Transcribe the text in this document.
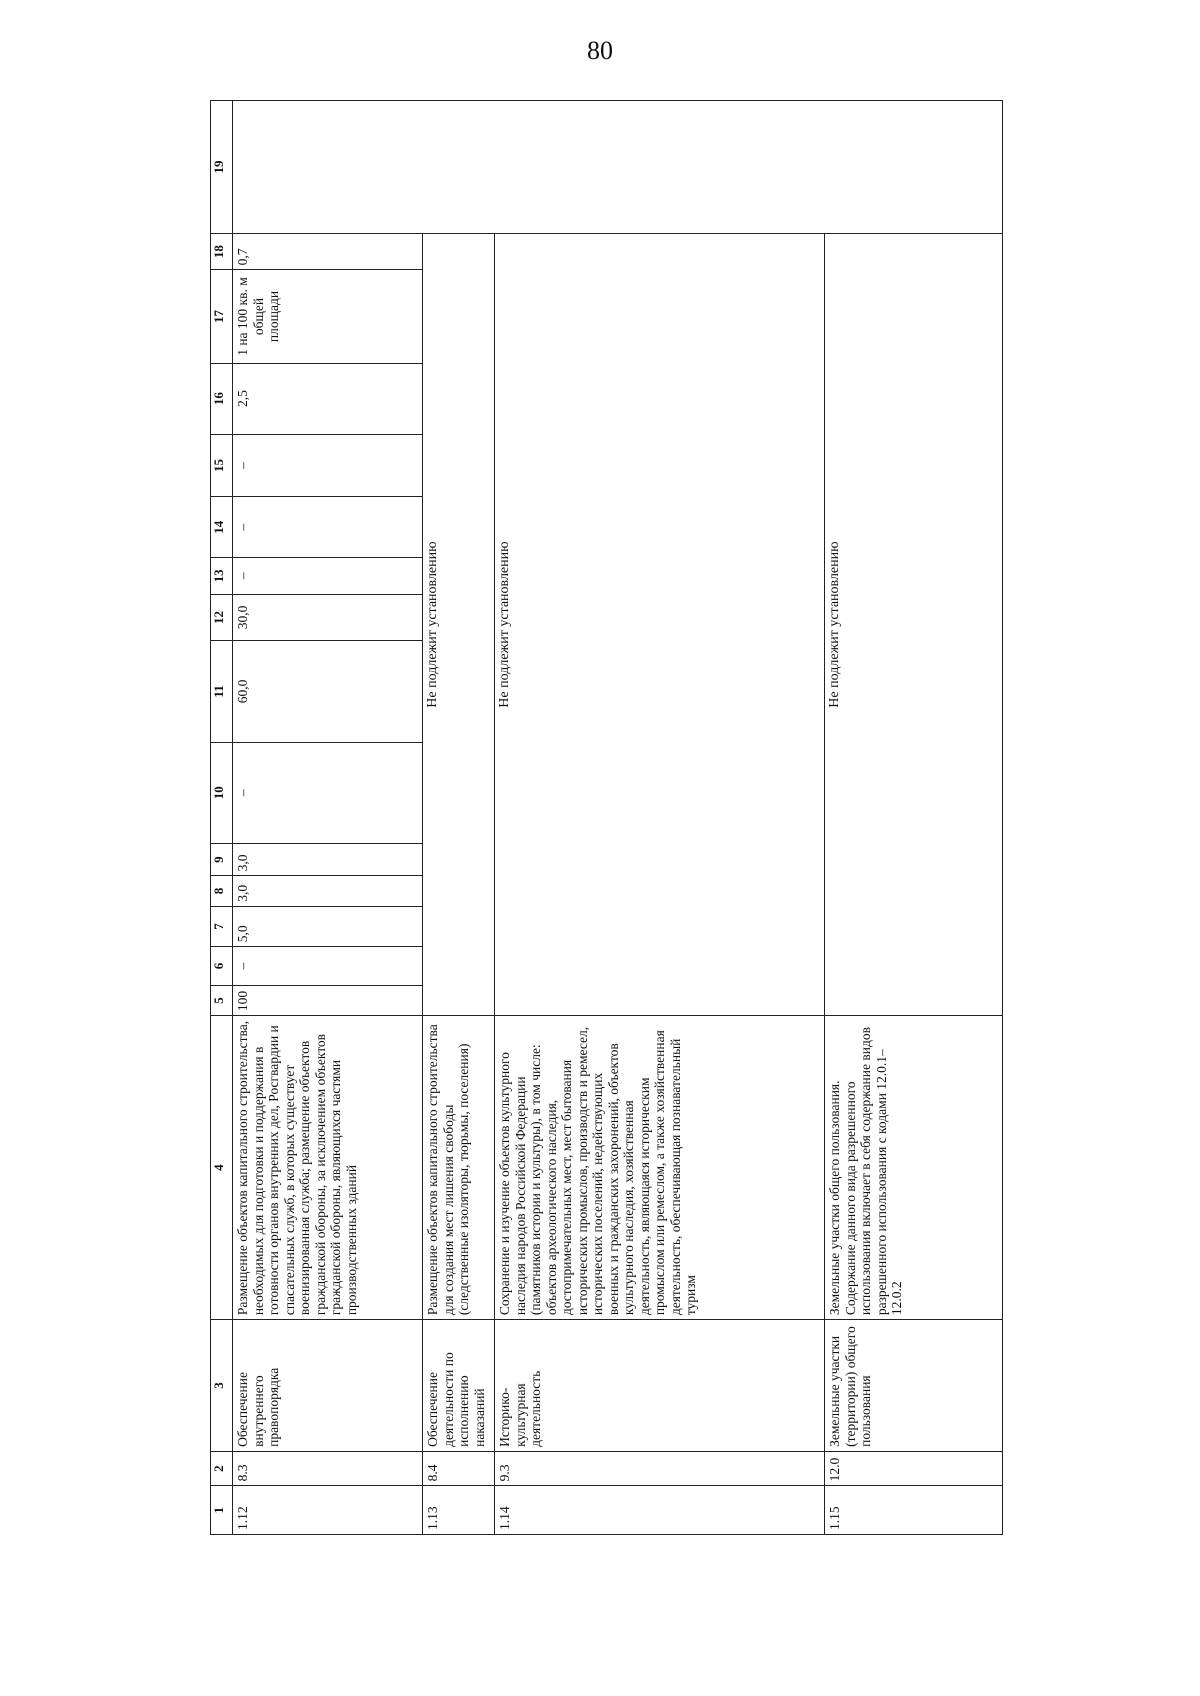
80
1	2	3	4	5	6	7	8	9	10	11	12	13	14	15	16	17	18	19
1.12	8.3	Обеспечение внутреннего правопорядка	Размещение объектов капитального строительства, необходимых для подготовки и поддержания в готовности органов внутренних дел, Росгвардии и спасательных служб, в которых существует военизированная служба; размещение объектов гражданской обороны, за исключением объектов гражданской обороны, являющихся частями производственных зданий	100	–	5,0	3,0	3,0	–	60,0	30,0	–	–	–	2,5	1 на 100 кв. м общей площади	0,7	
1.13	8.4	Обеспечение деятельности по исполнению наказаний	Размещение объектов капитального строительства для создания мест лишения свободы (следственные изоляторы, тюрьмы, поселения)	Не подлежит установлению														
1.14	9.3	Историко-культурная деятельность	Сохранение и изучение объектов культурного наследия народов Российской Федерации (памятников истории и культуры), в том числе: объектов археологического наследия, достопримечательных мест, мест бытования исторических промыслов, производств и ремесел, исторических поселений, недействующих военных и гражданских захоронений, объектов культурного наследия, хозяйственная деятельность, являющаяся историческим промыслом или ремеслом, а также хозяйственная деятельность, обеспечивающая познавательный туризм	Не подлежит установлению														
1.15	12.0	Земельные участки (территории) общего пользования	Земельные участки общего пользования. Содержание данного вида разрешенного использования включает в себя содержание видов разрешенного использования с кодами 12.0.1–12.0.2	Не подлежит установлению														
